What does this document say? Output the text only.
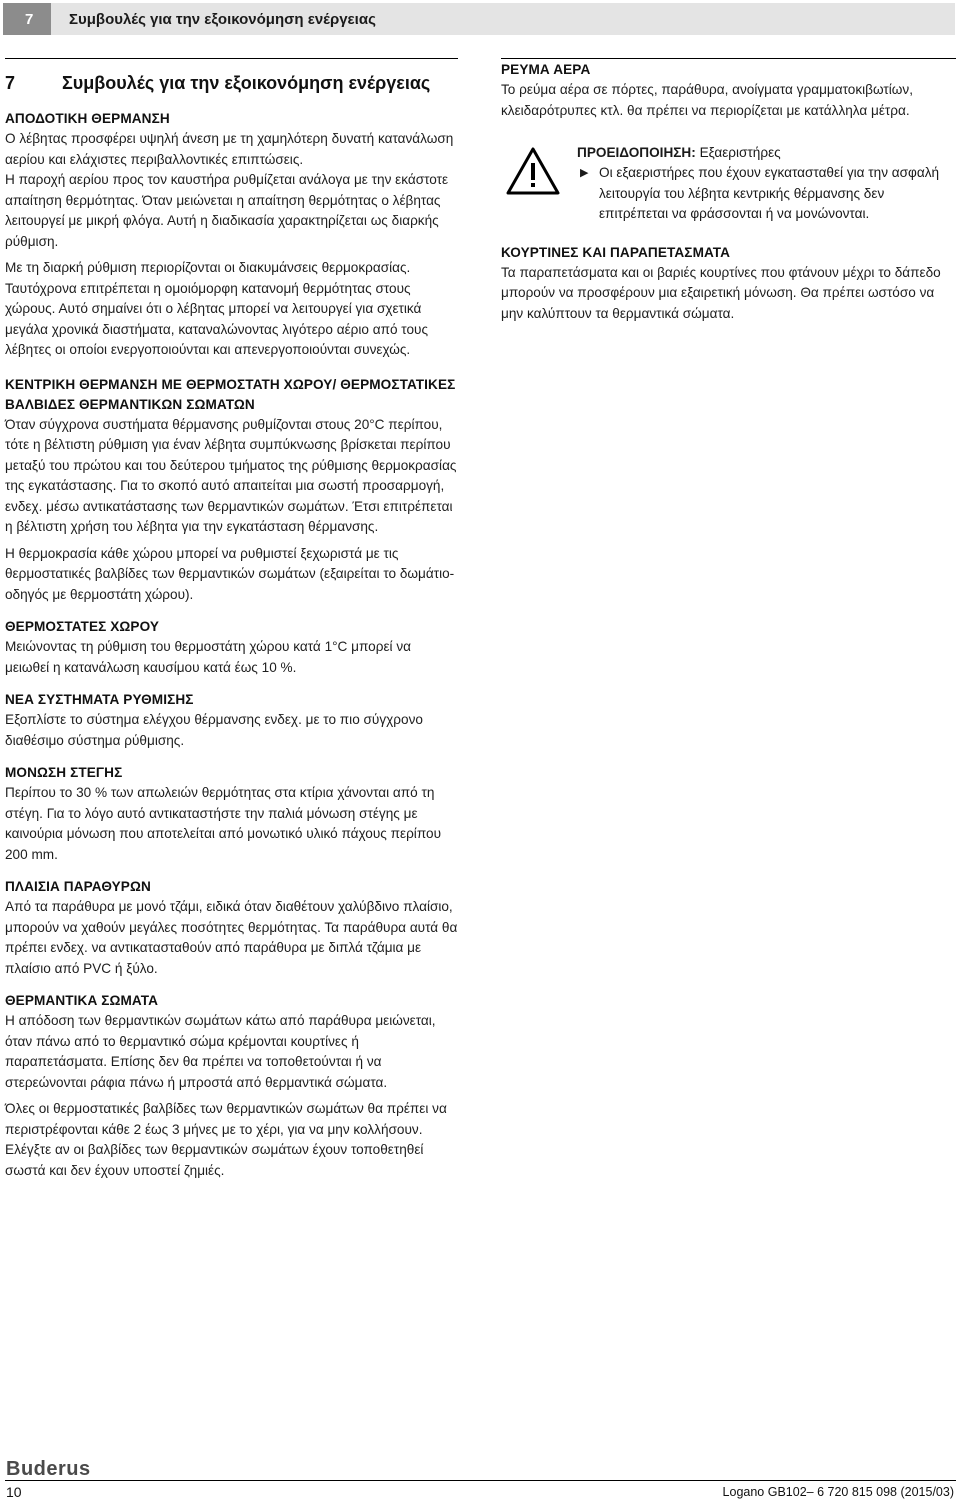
7	Συμβουλές για την εξοικονόμηση ενέργειας
7	Συμβουλές για την εξοικονόμηση ενέργειας
ΑΠΟΔΟΤΙΚΗ ΘΕΡΜΑΝΣΗ

Ο λέβητας προσφέρει υψηλή άνεση με τη χαμηλότερη δυνατή κατανάλωση αερίου και ελάχιστες περιβαλλοντικές επιπτώσεις.

Η παροχή αερίου προς τον καυστήρα ρυθμίζεται ανάλογα με την εκάστοτε απαίτηση θερμότητας. Όταν μειώνεται η απαίτηση θερμότητας ο λέβητας λειτουργεί με μικρή φλόγα. Αυτή η διαδικασία χαρακτηρίζεται ως διαρκής ρύθμιση.

Με τη διαρκή ρύθμιση περιορίζονται οι διακυμάνσεις θερμοκρασίας. Ταυτόχρονα επιτρέπεται η ομοιόμορφη κατανομή θερμότητας στους χώρους. Αυτό σημαίνει ότι ο λέβητας μπορεί να λειτουργεί για σχετικά μεγάλα χρονικά διαστήματα, καταναλώνοντας λιγότερο αέριο από τους λέβητες οι οποίοι ενεργοποιούνται και απενεργοποιούνται συνεχώς.

ΚΕΝΤΡΙΚΗ ΘΕΡΜΑΝΣΗ ΜΕ ΘΕΡΜΟΣΤΑΤΗ ΧΩΡΟΥ/ ΘΕΡΜΟΣΤΑΤΙΚΕΣ ΒΑΛΒΙΔΕΣ ΘΕΡΜΑΝΤΙΚΩΝ ΣΩΜΑΤΩΝ

Όταν σύγχρονα συστήματα θέρμανσης ρυθμίζονται στους 20°C περίπου, τότε η βέλτιστη ρύθμιση για έναν λέβητα συμπύκνωσης βρίσκεται περίπου μεταξύ του πρώτου και του δεύτερου τμήματος της ρύθμισης θερμοκρασίας της εγκατάστασης. Για το σκοπό αυτό απαιτείται μια σωστή προσαρμογή, ενδεχ. μέσω αντικατάστασης των θερμαντικών σωμάτων. Έτσι επιτρέπεται η βέλτιστη χρήση του λέβητα για την εγκατάσταση θέρμανσης.

Η θερμοκρασία κάθε χώρου μπορεί να ρυθμιστεί ξεχωριστά με τις θερμοστατικές βαλβίδες των θερμαντικών σωμάτων (εξαιρείται το δωμάτιο-οδηγός με θερμοστάτη χώρου).

ΘΕΡΜΟΣΤΑΤΕΣ ΧΩΡΟΥ

Μειώνοντας τη ρύθμιση του θερμοστάτη χώρου κατά 1°C μπορεί να μειωθεί η κατανάλωση καυσίμου κατά έως 10 %.

ΝΕΑ ΣΥΣΤΗΜΑΤΑ ΡΥΘΜΙΣΗΣ

Εξοπλίστε το σύστημα ελέγχου θέρμανσης ενδεχ. με το πιο σύγχρονο διαθέσιμο σύστημα ρύθμισης.

ΜΟΝΩΣΗ ΣΤΕΓΗΣ

Περίπου το 30 % των απωλειών θερμότητας στα κτίρια χάνονται από τη στέγη. Για το λόγο αυτό αντικαταστήστε την παλιά μόνωση στέγης με καινούρια μόνωση που αποτελείται από μονωτικό υλικό πάχους περίπου 200 mm.

ΠΛΑΙΣΙΑ ΠΑΡΑΘΥΡΩΝ

Από τα παράθυρα με μονό τζάμι, ειδικά όταν διαθέτουν χαλύβδινο πλαίσιο, μπορούν να χαθούν μεγάλες ποσότητες θερμότητας. Τα παράθυρα αυτά θα πρέπει ενδεχ. να αντικατασταθούν από παράθυρα με διπλά τζάμια με πλαίσιο από PVC ή ξύλο.

ΘΕΡΜΑΝΤΙΚΑ ΣΩΜΑΤΑ

Η απόδοση των θερμαντικών σωμάτων κάτω από παράθυρα μειώνεται, όταν πάνω από το θερμαντικό σώμα κρέμονται κουρτίνες ή παραπετάσματα. Επίσης δεν θα πρέπει να τοποθετούνται ή να στερεώνονται ράφια πάνω ή μπροστά από θερμαντικά σώματα.

Όλες οι θερμοστατικές βαλβίδες των θερμαντικών σωμάτων θα πρέπει να περιστρέφονται κάθε 2 έως 3 μήνες με το χέρι, για να μην κολλήσουν.

Ελέγξτε αν οι βαλβίδες των θερμαντικών σωμάτων έχουν τοποθετηθεί σωστά και δεν έχουν υποστεί ζημιές.

ΡΕΥΜΑ ΑΕΡΑ

Το ρεύμα αέρα σε πόρτες, παράθυρα, ανοίγματα γραμματοκιβωτίων, κλειδαρότρυπες κτλ. θα πρέπει να περιορίζεται με κατάλληλα μέτρα.

ΠΡΟΕΙΔΟΠΟΙΗΣΗ: Εξαεριστήρες
▶ Οι εξαεριστήρες που έχουν εγκατασταθεί για την ασφαλή λειτουργία του λέβητα κεντρικής θέρμανσης δεν επιτρέπεται να φράσσονται ή να μονώνονται.
ΚΟΥΡΤΙΝΕΣ ΚΑΙ ΠΑΡΑΠΕΤΑΣΜΑΤΑ

Τα παραπετάσματα και οι βαριές κουρτίνες που φτάνουν μέχρι το δάπεδο μπορούν να προσφέρουν μια εξαιρετική μόνωση. Θα πρέπει ωστόσο να μην καλύπτουν τα θερμαντικά σώματα.

Buderus
10	Logano GB102– 6 720 815 098 (2015/03)
